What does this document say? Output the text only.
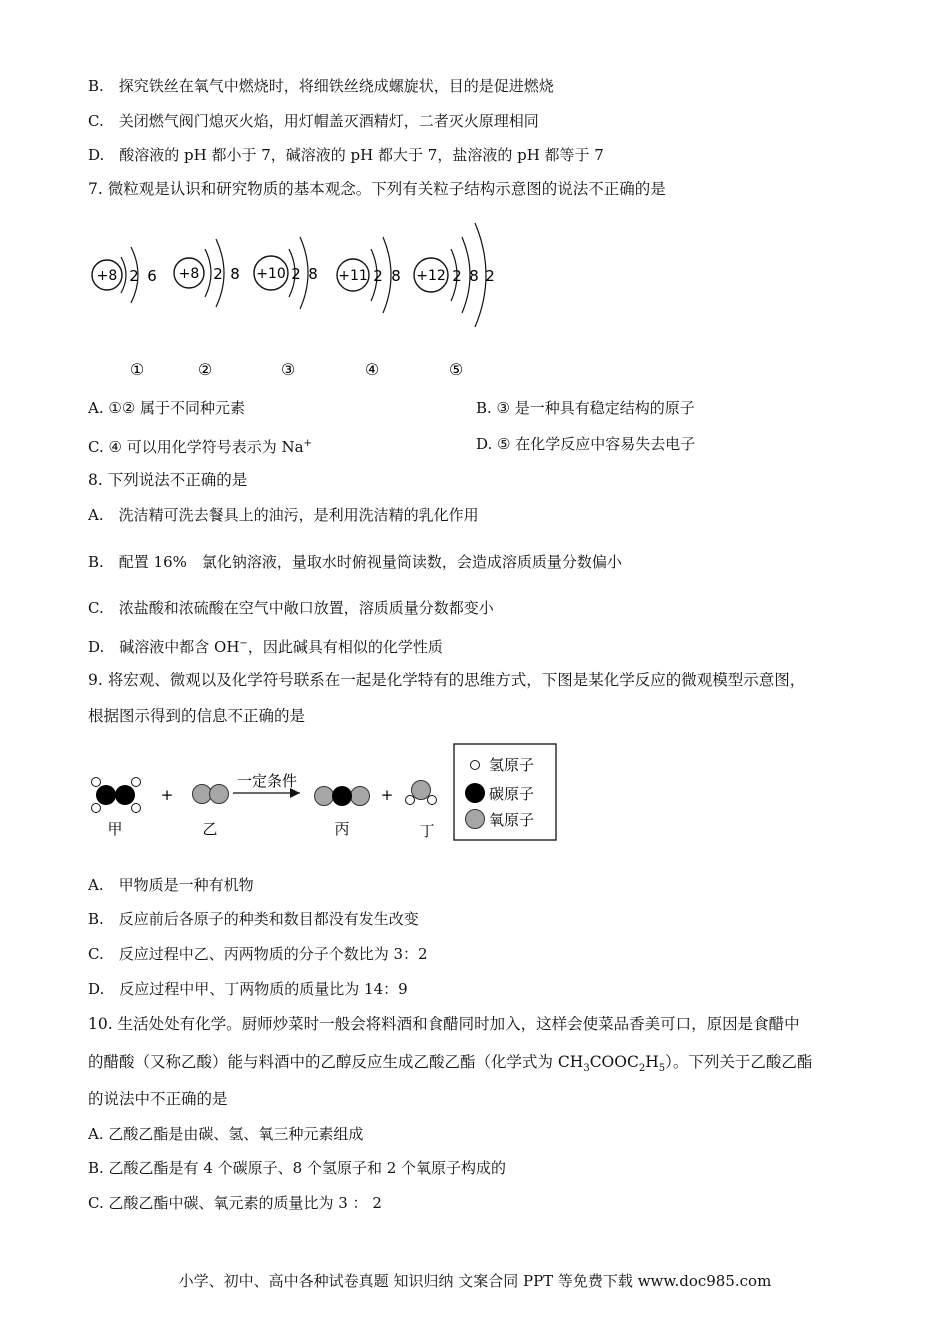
B.　探究铁丝在氧气中燃烧时，将细铁丝绕成螺旋状，目的是促进燃烧
C.　关闭燃气阀门熄灭火焰，用灯帽盖灭酒精灯，二者灭火原理相同
D.　酸溶液的 pH 都小于 7，碱溶液的 pH 都大于 7，盐溶液的 pH 都等于 7
7. 微粒观是认识和研究物质的基本观念。下列有关粒子结构示意图的说法不正确的是
+8 2 6 +8 2 8 +10 2 8 +11 2 8 +12 2 8 2
①	②	③	④	⑤
A. ①② 属于不同种元素	B. ③ 是一种具有稳定结构的原子
C. ④ 可以用化学符号表示为 Na+	D. ⑤ 在化学反应中容易失去电子
8. 下列说法不正确的是
A.　洗洁精可洗去餐具上的油污，是利用洗洁精的乳化作用
B.　配置 16%　氯化钠溶液，量取水时俯视量筒读数，会造成溶质质量分数偏小
C.　浓盐酸和浓硫酸在空气中敞口放置，溶质质量分数都变小
D.　碱溶液中都含 OH−，因此碱具有相似的化学性质
9. 将宏观、微观以及化学符号联系在一起是化学特有的思维方式，下图是某化学反应的微观模型示意图，
根据图示得到的信息不正确的是
甲
+
乙
一定条件
丙
+
丁
氢原子
碳原子
氧原子
A.　甲物质是一种有机物
B.　反应前后各原子的种类和数目都没有发生改变
C.　反应过程中乙、丙两物质的分子个数比为 3：2
D.　反应过程中甲、丁两物质的质量比为 14：9
10. 生活处处有化学。厨师炒菜时一般会将料酒和食醋同时加入，这样会使菜品香美可口，原因是食醋中
的醋酸（又称乙酸）能与料酒中的乙醇反应生成乙酸乙酯（化学式为 $CH_3COOC_2H_5$）。下列关于乙酸乙酯
的说法中不正确的是
A. 乙酸乙酯是由碳、氢、氧三种元素组成
B. 乙酸乙酯是有 4 个碳原子、8 个氢原子和 2 个氧原子构成的
C. 乙酸乙酯中碳、氧元素的质量比为 3 ： 2
小学、初中、高中各种试卷真题 知识归纳 文案合同 PPT 等免费下载 www.doc985.com
